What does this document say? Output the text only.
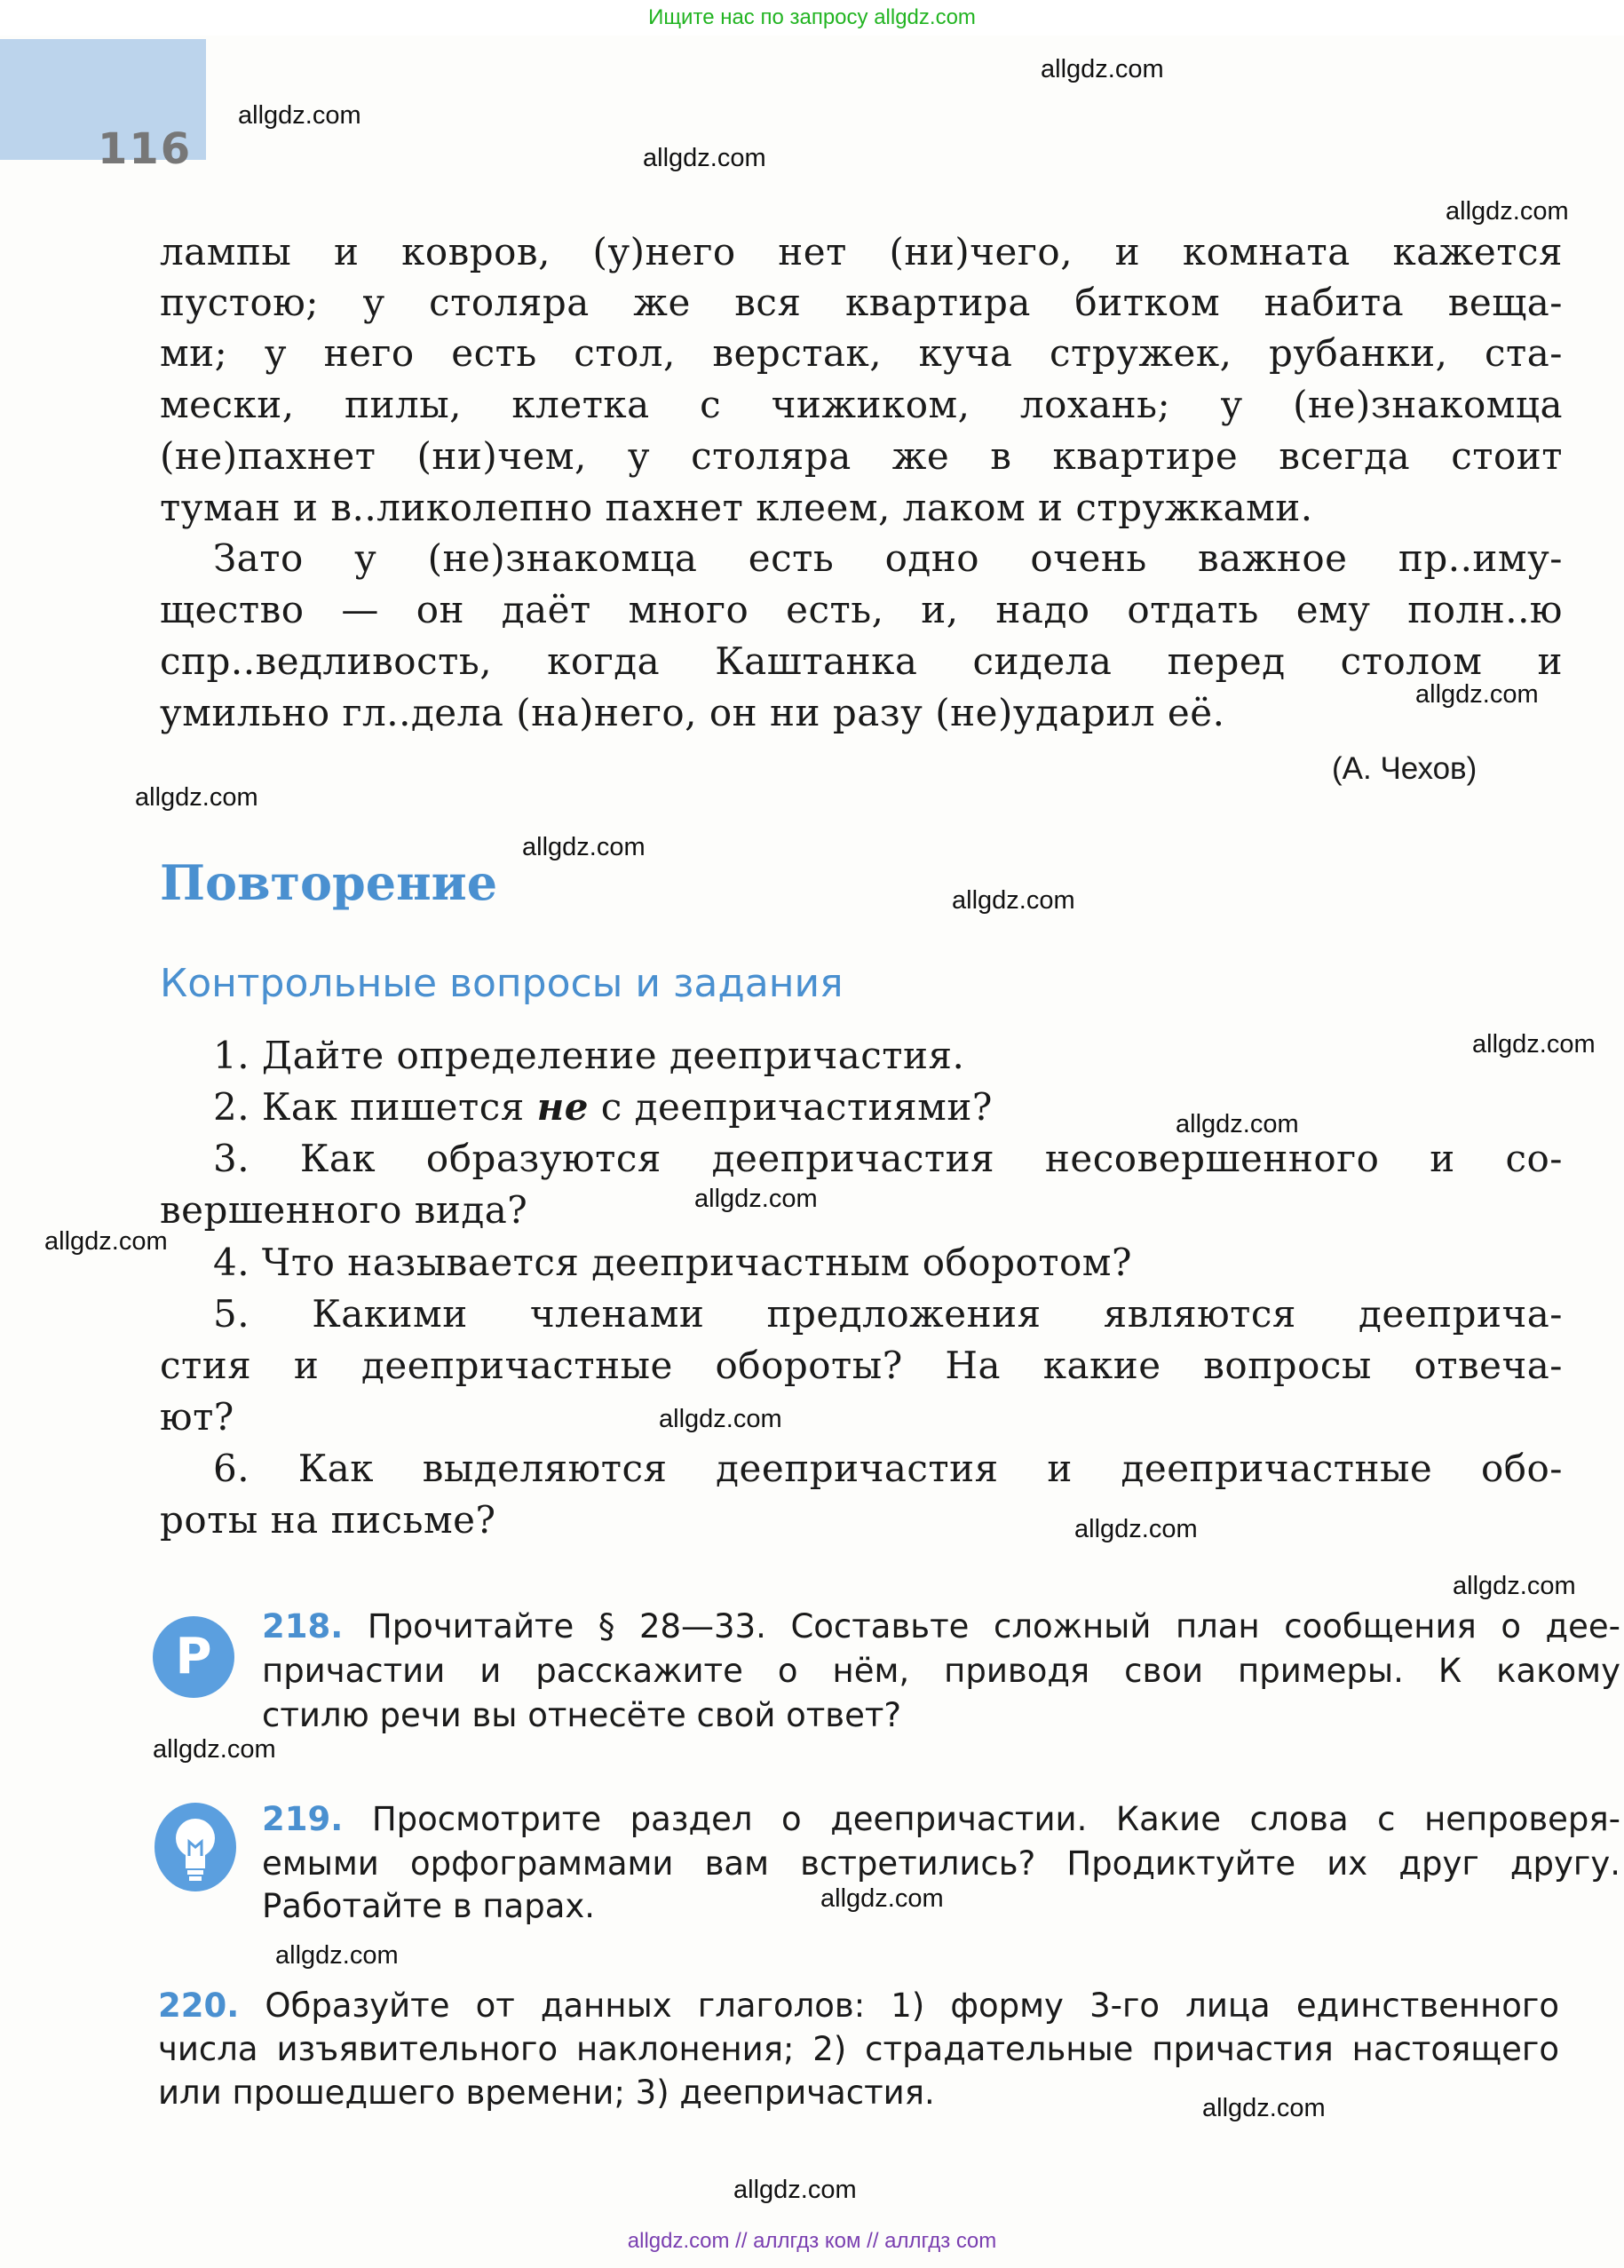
Ищите нас по запросу allgdz.com
116
лампы и ковров, (у)него нет (ни)чего, и комната кажется
пустою; у столяра же вся квартира битком набита веща-
ми; у него есть стол, верстак, куча стружек, рубанки, ста-
мески, пилы, клетка с чижиком, лохань; у (не)знакомца
(не)пахнет (ни)чем, у столяра же в квартире всегда стоит
туман и в..ликолепно пахнет клеем, лаком и стружками.
Зато у (не)знакомца есть одно очень важное пр..иму-
щество — он даёт много есть, и, надо отдать ему полн..ю
спр..ведливость, когда Каштанка сидела перед столом и
умильно гл..дела (на)него, он ни разу (не)ударил её.
(А. Чехов)
Повторение
Контрольные вопросы и задания
1. Дайте определение деепричастия.
2. Как пишется не с деепричастиями?
3. Как образуются деепричастия несовершенного и со-
вершенного вида?
4. Что называется деепричастным оборотом?
5. Какими членами предложения являются дееприча-
стия и деепричастные обороты? На какие вопросы отвеча-
ют?
6. Как выделяются деепричастия и деепричастные обо-
роты на письме?
Р
218. Прочитайте § 28—33. Составьте сложный план сообщения о дее-
причастии и расскажите о нём, приводя свои примеры. К какому
стилю речи вы отнесёте свой ответ?
219. Просмотрите раздел о деепричастии. Какие слова с непроверя-
емыми орфограммами вам встретились? Продиктуйте их друг другу.
Работайте в парах.
220. Образуйте от данных глаголов: 1) форму 3-го лица единственного
числа изъявительного наклонения; 2) страдательные причастия настоящего
или прошедшего времени; 3) деепричастия.
allgdz.com
allgdz.com
allgdz.com
allgdz.com
allgdz.com
allgdz.com
allgdz.com
allgdz.com
allgdz.com
allgdz.com
allgdz.com
allgdz.com
allgdz.com
allgdz.com
allgdz.com
allgdz.com
allgdz.com
allgdz.com
allgdz.com
allgdz.com
allgdz.com // аллгдз ком // аллгдз com
